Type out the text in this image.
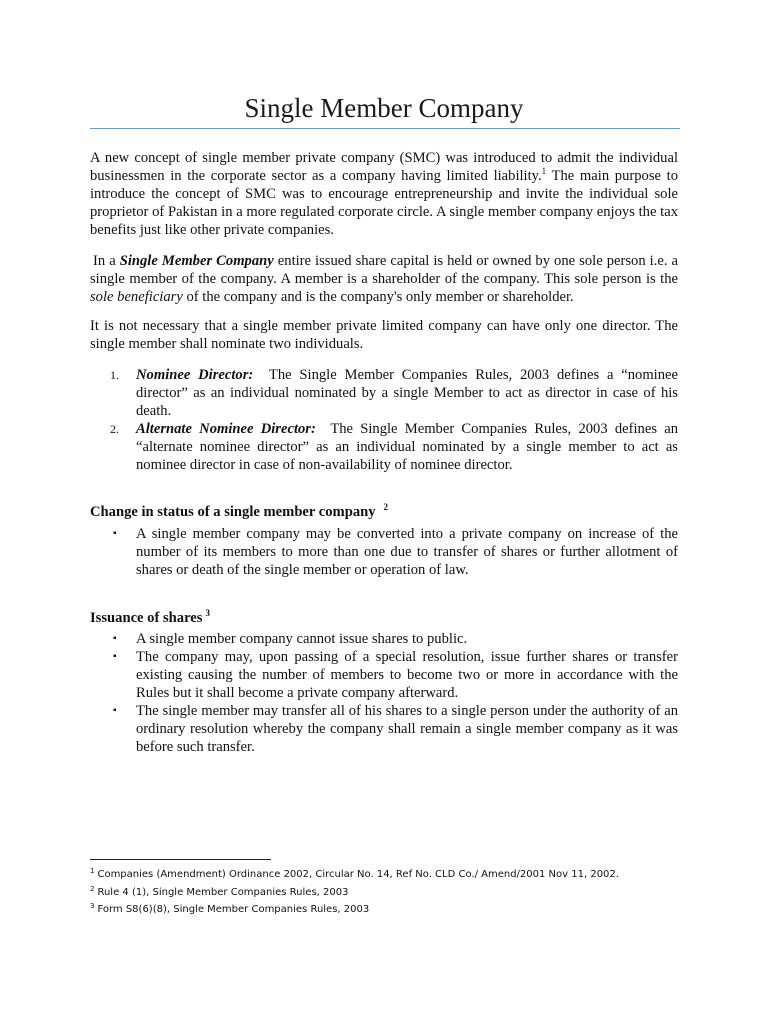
Single Member Company

A new concept of single member private company (SMC) was introduced to admit the individual businessmen in the corporate sector as a company having limited liability.$^1$ The main purpose to introduce the concept of SMC was to encourage entrepreneurship and invite the individual sole proprietor of Pakistan in a more regulated corporate circle. A single member company enjoys the tax benefits just like other private companies.

In a Single Member Company entire issued share capital is held or owned by one sole person i.e. a single member of the company. A member is a shareholder of the company. This sole person is the sole beneficiary of the company and is the company's only member or shareholder.

It is not necessary that a single member private limited company can have only one director. The single member shall nominate two individuals.

1. Nominee Director: The Single Member Companies Rules, 2003 defines a “nominee director” as an individual nominated by a single Member to act as director in case of his death.
2. Alternate Nominee Director: The Single Member Companies Rules, 2003 defines an “alternate nominee director” as an individual nominated by a single member to act as nominee director in case of non-availability of nominee director.
Change in status of a single member company $^2$
▪ A single member company may be converted into a private company on increase of the number of its members to more than one due to transfer of shares or further allotment of shares or death of the single member or operation of law.
Issuance of shares $^3$
▪ A single member company cannot issue shares to public.
▪ The company may, upon passing of a special resolution, issue further shares or transfer existing causing the number of members to become two or more in accordance with the Rules but it shall become a private company afterward.
▪ The single member may transfer all of his shares to a single person under the authority of an ordinary resolution whereby the company shall remain a single member company as it was before such transfer.
$^1$ Companies (Amendment) Ordinance 2002, Circular No. 14, Ref No. CLD Co./ Amend/2001 Nov 11, 2002.
$^2$ Rule 4 (1), Single Member Companies Rules, 2003
$^3$ Form S8(6)(8), Single Member Companies Rules, 2003
